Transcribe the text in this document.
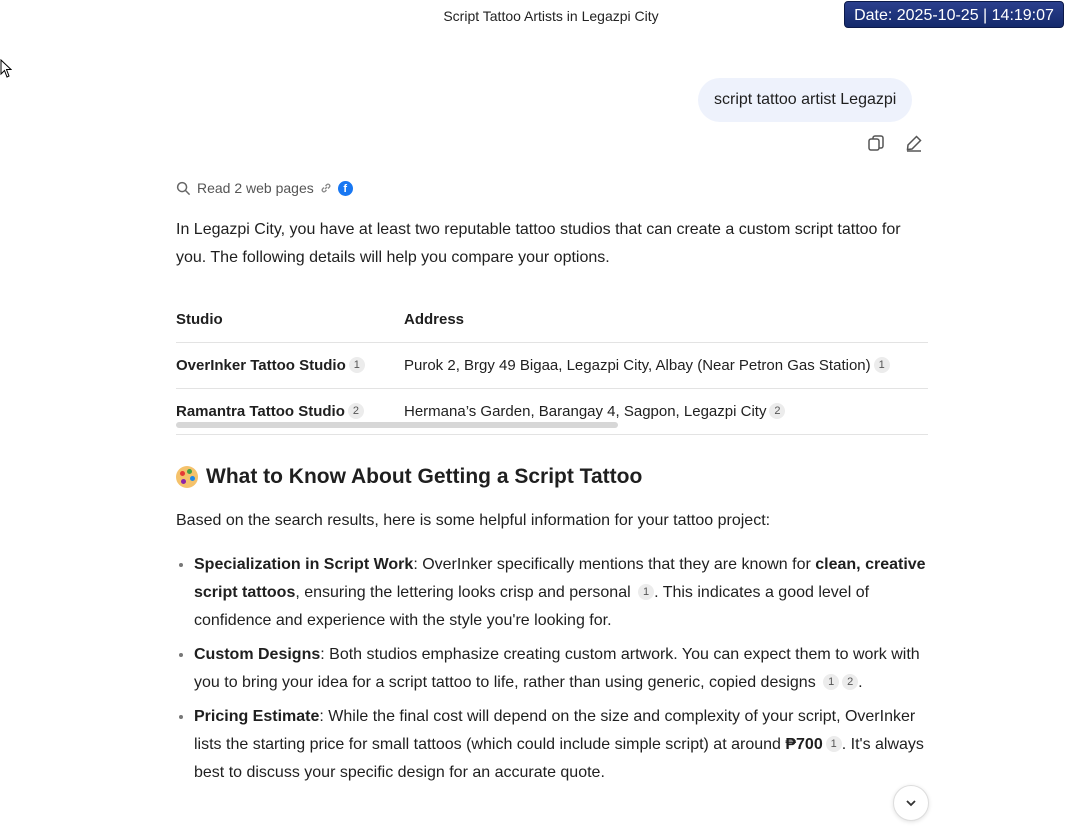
Script Tattoo Artists in Legazpi City	Date: 2025-10-25 | 14:19:07
script tattoo artist Legazpi
Read 2 web pages	f

In Legazpi City, you have at least two reputable tattoo studios that can create a custom script tattoo for you. The following details will help you compare your options.

Studio	Address
OverInker Tattoo Studio 1	Purok 2, Brgy 49 Bigaa, Legazpi City, Albay (Near Petron Gas Station) 1
Ramantra Tattoo Studio 2	Hermana’s Garden, Barangay 4, Sagpon, Legazpi City 2
What to Know About Getting a Script Tattoo

Based on the search results, here is some helpful information for your tattoo project:

• Specialization in Script Work: OverInker specifically mentions that they are known for clean, creative script tattoos, ensuring the lettering looks crisp and personal 1 . This indicates a good level of confidence and experience with the style you're looking for.
• Custom Designs: Both studios emphasize creating custom artwork. You can expect them to work with you to bring your idea for a script tattoo to life, rather than using generic, copied designs 1 2 .
• Pricing Estimate: While the final cost will depend on the size and complexity of your script, OverInker lists the starting price for small tattoos (which could include simple script) at around ₱700 1 . It's always best to discuss your specific design for an accurate quote.
